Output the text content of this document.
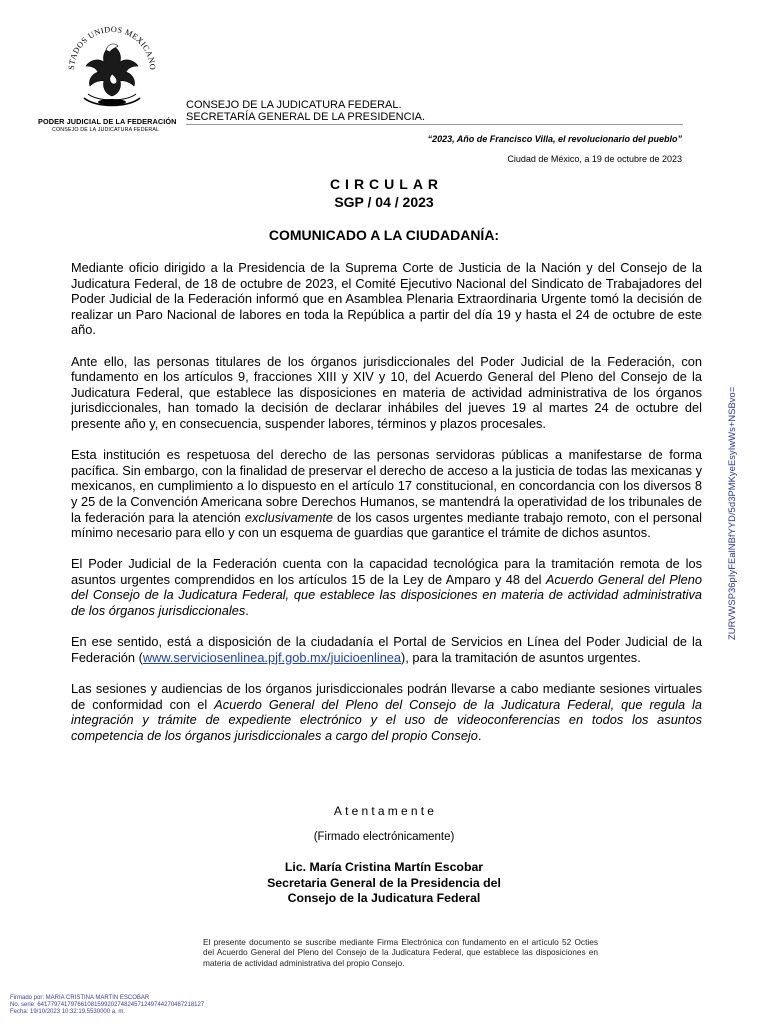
STADOS UNIDOS MEXICANO
PODER JUDICIAL DE LA FEDERACIÓN
CONSEJO DE LA JUDICATURA FEDERAL
CONSEJO DE LA JUDICATURA FEDERAL.
SECRETARÍA GENERAL DE LA PRESIDENCIA.
“2023, Año de Francisco Villa, el revolucionario del pueblo”
Ciudad de México, a 19 de octubre de 2023
CIRCULAR
SGP / 04 / 2023
COMUNICADO A LA CIUDADANÍA:

Mediante oficio dirigido a la Presidencia de la Suprema Corte de Justicia de la Nación y del Consejo de la Judicatura Federal, de 18 de octubre de 2023, el Comité Ejecutivo Nacional del Sindicato de Trabajadores del Poder Judicial de la Federación informó que en Asamblea Plenaria Extraordinaria Urgente tomó la decisión de realizar un Paro Nacional de labores en toda la República a partir del día 19 y hasta el 24 de octubre de este año.

Ante ello, las personas titulares de los órganos jurisdiccionales del Poder Judicial de la Federación, con fundamento en los artículos 9, fracciones XIII y XIV y 10, del Acuerdo General del Pleno del Consejo de la Judicatura Federal, que establece las disposiciones en materia de actividad administrativa de los órganos jurisdiccionales, han tomado la decisión de declarar inhábiles del jueves 19 al martes 24 de octubre del presente año y, en consecuencia, suspender labores, términos y plazos procesales.

Esta institución es respetuosa del derecho de las personas servidoras públicas a manifestarse de forma pacífica. Sin embargo, con la finalidad de preservar el derecho de acceso a la justicia de todas las mexicanas y mexicanos, en cumplimiento a lo dispuesto en el artículo 17 constitucional, en concordancia con los diversos 8 y 25 de la Convención Americana sobre Derechos Humanos, se mantendrá la operatividad de los tribunales de la federación para la atención exclusivamente de los casos urgentes mediante trabajo remoto, con el personal mínimo necesario para ello y con un esquema de guardias que garantice el trámite de dichos asuntos.

El Poder Judicial de la Federación cuenta con la capacidad tecnológica para la tramitación remota de los asuntos urgentes comprendidos en los artículos 15 de la Ley de Amparo y 48 del Acuerdo General del Pleno del Consejo de la Judicatura Federal, que establece las disposiciones en materia de actividad administrativa de los órganos jurisdiccionales.

En ese sentido, está a disposición de la ciudadanía el Portal de Servicios en Línea del Poder Judicial de la Federación (www.serviciosenlinea.pjf.gob.mx/juicioenlinea), para la tramitación de asuntos urgentes.

Las sesiones y audiencias de los órganos jurisdiccionales podrán llevarse a cabo mediante sesiones virtuales de conformidad con el Acuerdo General del Pleno del Consejo de la Judicatura Federal, que regula la integración y trámite de expediente electrónico y el uso de videoconferencias en todos los asuntos competencia de los órganos jurisdiccionales a cargo del propio Consejo.

Atentamente
(Firmado electrónicamente)
Lic. María Cristina Martín Escobar
Secretaria General de la Presidencia del
Consejo de la Judicatura Federal
El presente documento se suscribe mediante Firma Electrónica con fundamento en el artículo 52 Octies del Acuerdo General del Pleno del Consejo de la Judicatura Federal, que establece las disposiciones en materia de actividad administrativa del propio Consejo.
Firmado por: MARIA CRISTINA MARTIN ESCOBAR
No. serie: 64177974179766108159920274824571249744270487218127
Fecha: 19/10/2023 10:32:19.5530000 a. m.
ZURVWSP36pIyFEalNBfYYD/5d3PMKyeEsyIwWs+NSBvo=
